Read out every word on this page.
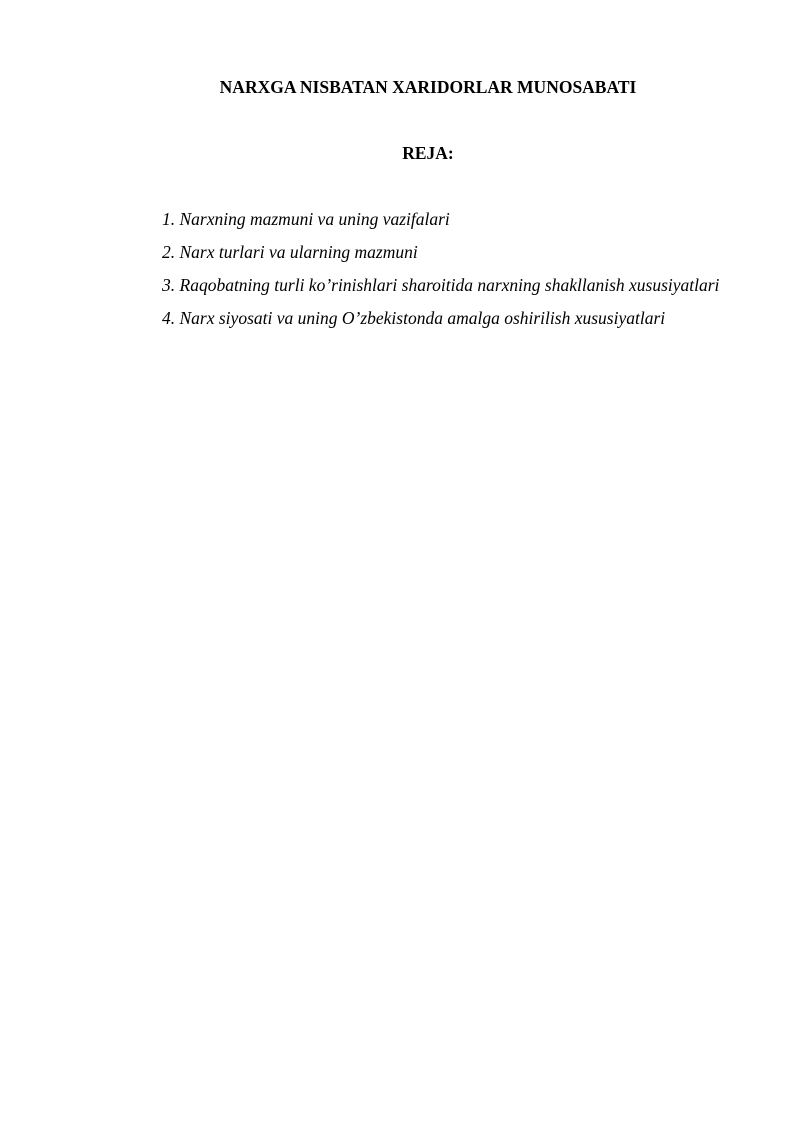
NARXGA NISBATAN XARIDORLAR MUNOSABATI
REJA:
1. Narxning mazmuni va uning vazifalari
2. Narx turlari va ularning mazmuni
3. Raqobatning turli ko’rinishlari sharoitida narxning shakllanish xususiyatlari
4. Narx siyosati va uning O’zbekistonda amalga oshirilish xususiyatlari
